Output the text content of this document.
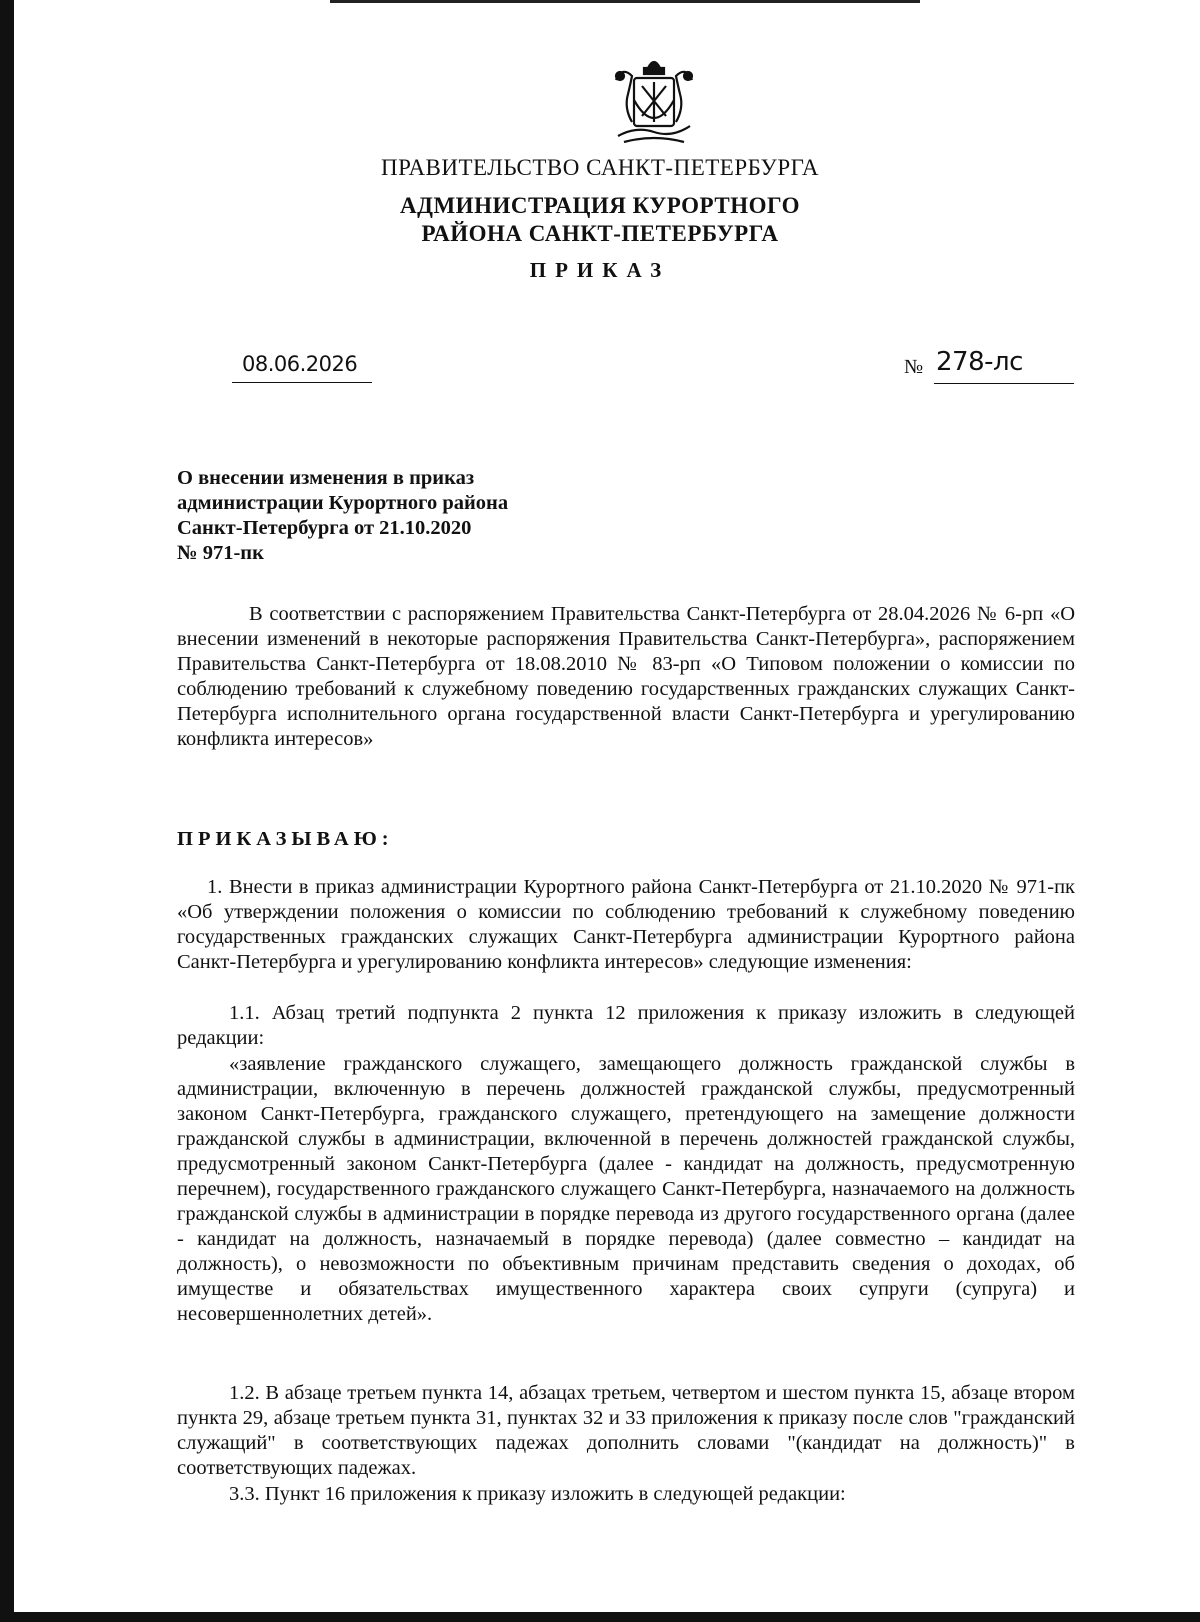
ПРАВИТЕЛЬСТВО САНКТ-ПЕТЕРБУРГА
АДМИНИСТРАЦИЯ КУРОРТНОГО
РАЙОНА САНКТ-ПЕТЕРБУРГА
ПРИКАЗ
08.06.2026	№ 278-лс
О внесении изменения в приказ
администрации Курортного района
Санкт-Петербурга от 21.10.2020
№ 971-пк
В соответствии с распоряжением Правительства Санкт-Петербурга от 28.04.2026 № 6-рп «О внесении изменений в некоторые распоряжения Правительства Санкт-Петербурга», распоряжением Правительства Санкт-Петербурга от 18.08.2010 № 83-рп «О Типовом положении о комиссии по соблюдению требований к служебному поведению государственных гражданских служащих Санкт-Петербурга исполнительного органа государственной власти Санкт-Петербурга и урегулированию конфликта интересов»
ПРИКАЗЫВАЮ:
1. Внести в приказ администрации Курортного района Санкт-Петербурга от 21.10.2020 № 971-пк «Об утверждении положения о комиссии по соблюдению требований к служебному поведению государственных гражданских служащих Санкт-Петербурга администрации Курортного района Санкт-Петербурга и урегулированию конфликта интересов» следующие изменения:
1.1. Абзац третий подпункта 2 пункта 12 приложения к приказу изложить в следующей редакции:
«заявление гражданского служащего, замещающего должность гражданской службы в администрации, включенную в перечень должностей гражданской службы, предусмотренный законом Санкт-Петербурга, гражданского служащего, претендующего на замещение должности гражданской службы в администрации, включенной в перечень должностей гражданской службы, предусмотренный законом Санкт-Петербурга (далее - кандидат на должность, предусмотренную перечнем), государственного гражданского служащего Санкт-Петербурга, назначаемого на должность гражданской службы в администрации в порядке перевода из другого государственного органа (далее - кандидат на должность, назначаемый в порядке перевода) (далее совместно – кандидат на должность), о невозможности по объективным причинам представить сведения о доходах, об имуществе и обязательствах имущественного характера своих супруги (супруга) и несовершеннолетних детей».
1.2. В абзаце третьем пункта 14, абзацах третьем, четвертом и шестом пункта 15, абзаце втором пункта 29, абзаце третьем пункта 31, пунктах 32 и 33 приложения к приказу после слов "гражданский служащий" в соответствующих падежах дополнить словами "(кандидат на должность)" в соответствующих падежах.
3.3. Пункт 16 приложения к приказу изложить в следующей редакции:
